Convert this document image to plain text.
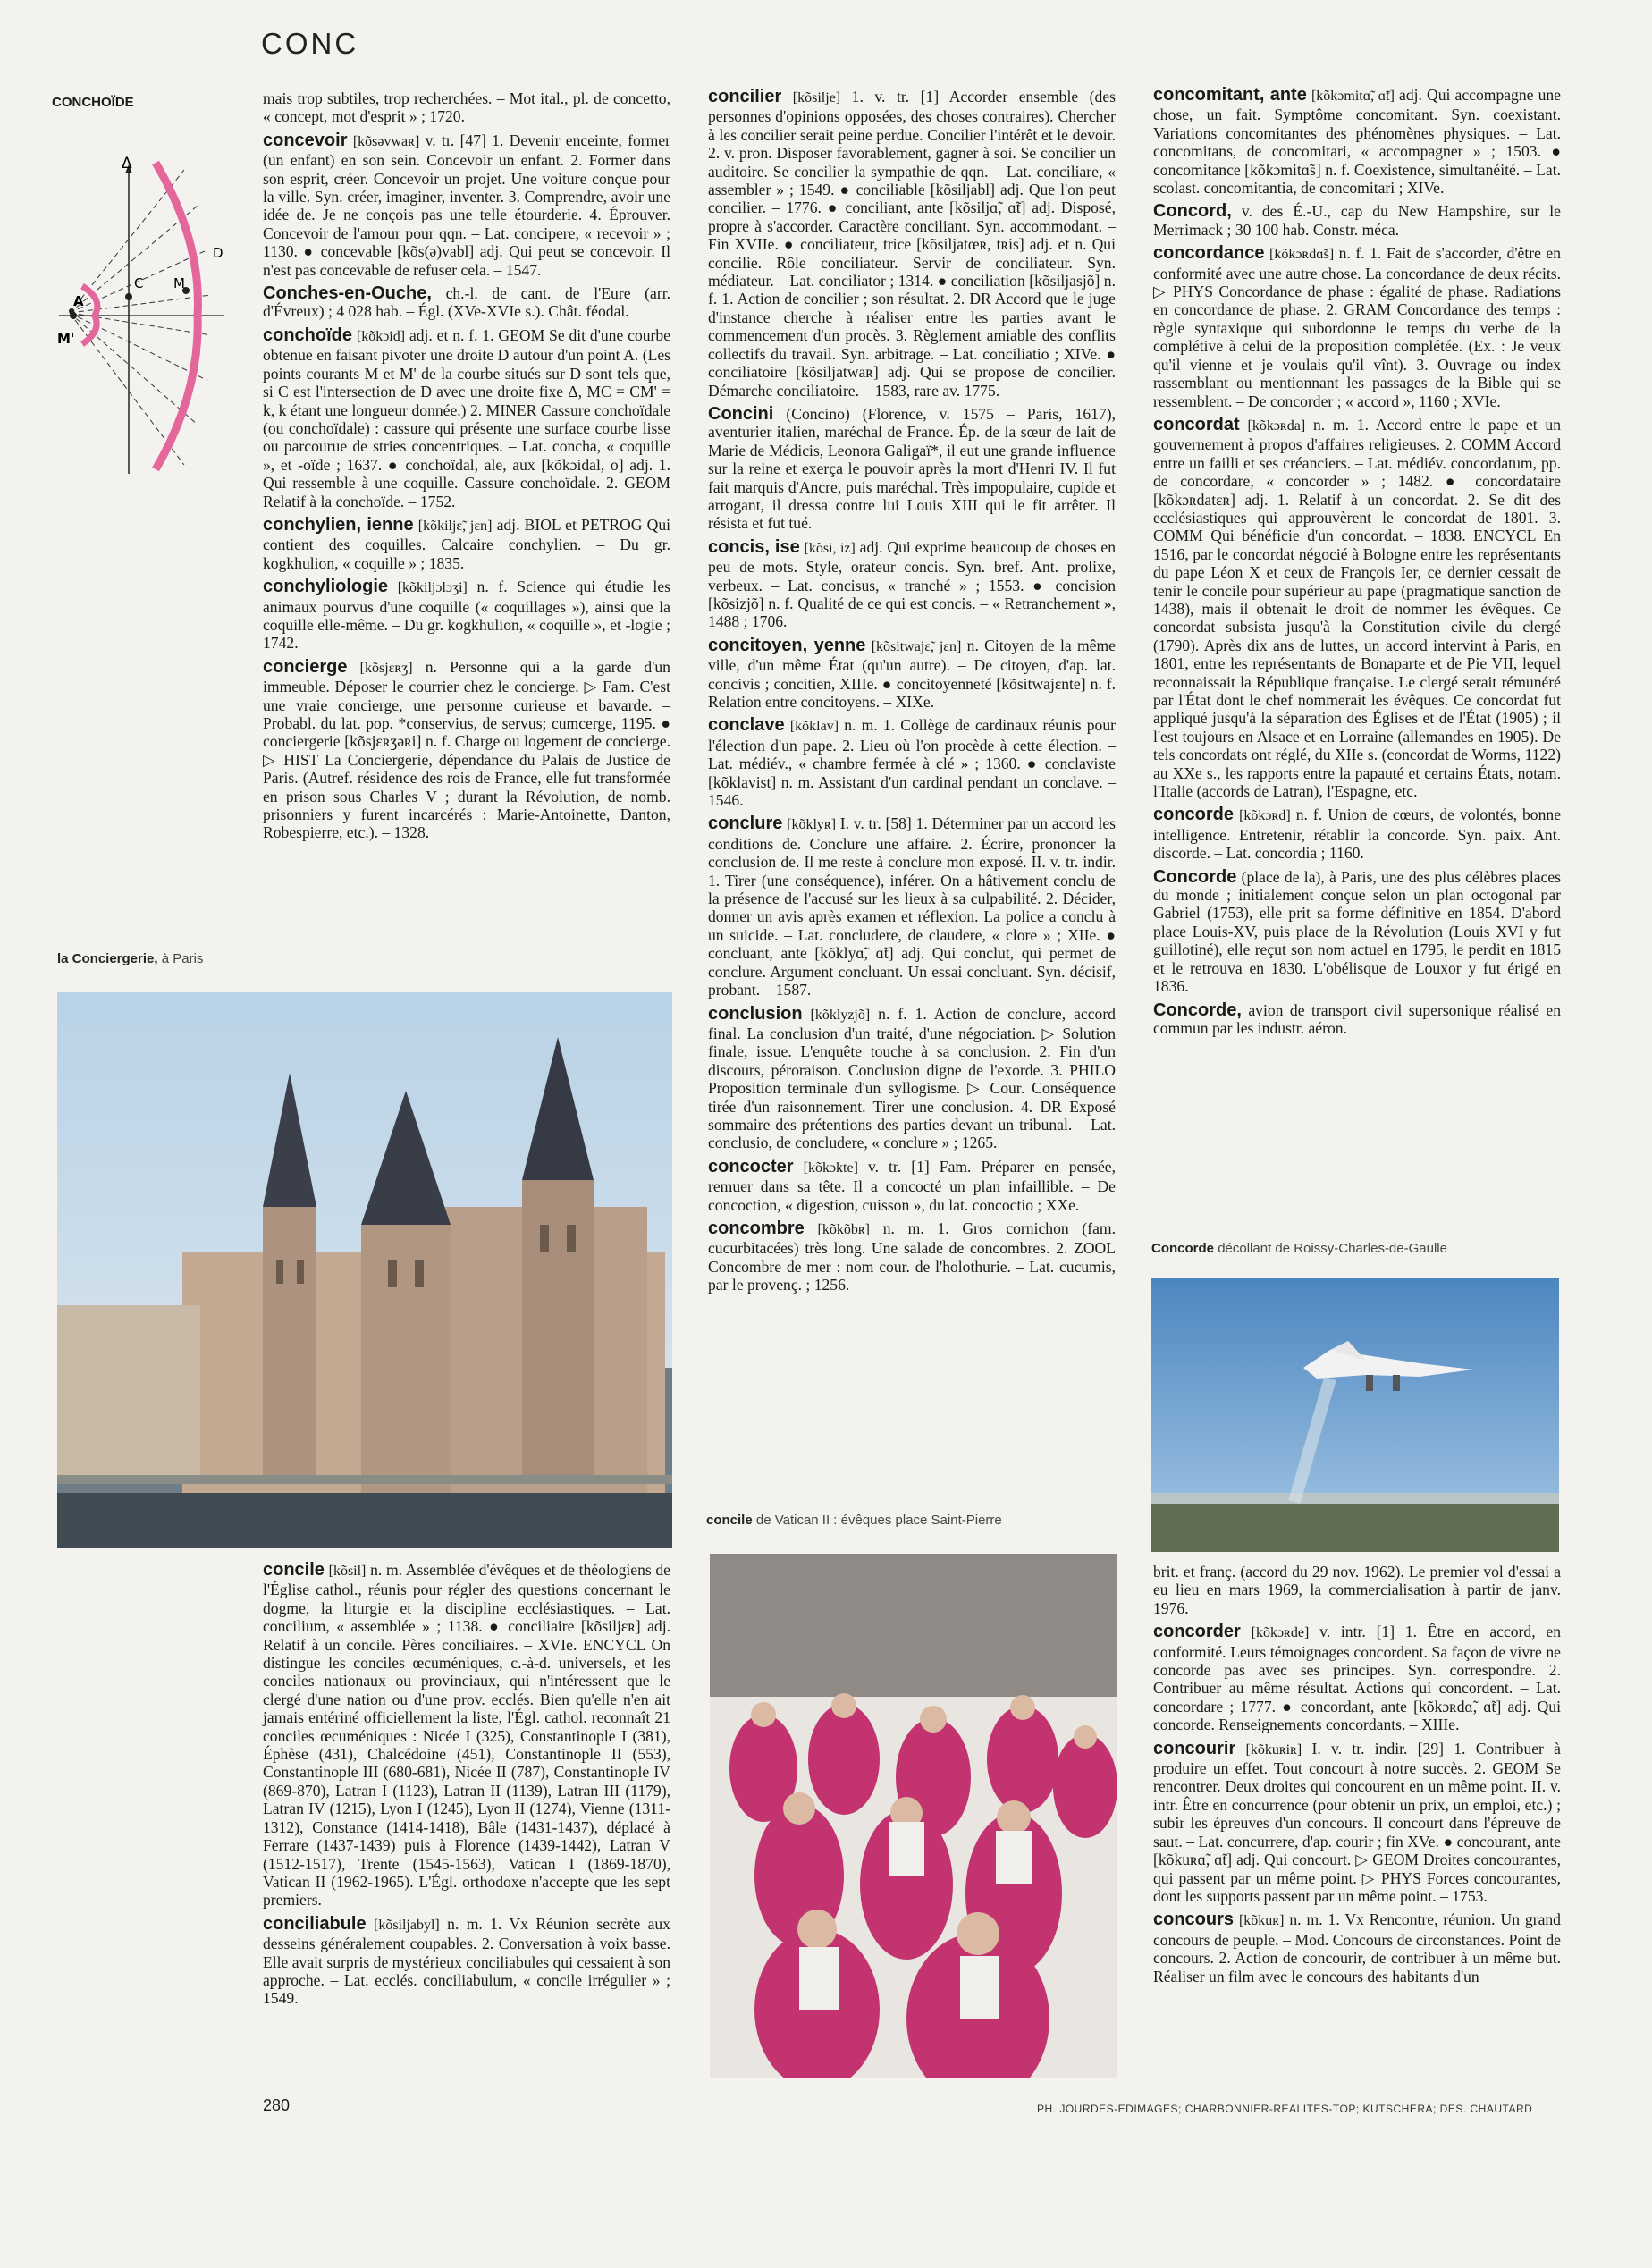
CONC
CONCHOÏDE
Δ
A
C M
D
M'
la Conciergerie, à Paris
concile de Vatican II : évêques place Saint-Pierre
Concorde décollant de Roissy-Charles-de-Gaulle

mais trop subtiles, trop recherchées. – Mot ital., pl. de concetto, « concept, mot d'esprit » ; 1720.

concevoir [kõsəvwaʀ] v. tr. [47] 1. Devenir enceinte, former (un enfant) en son sein. Concevoir un enfant. 2. Former dans son esprit, créer. Concevoir un projet. Une voiture conçue pour la ville. Syn. créer, imaginer, inventer. 3. Comprendre, avoir une idée de. Je ne conçois pas une telle étourderie. 4. Éprouver. Concevoir de l'amour pour qqn. – Lat. concipere, « recevoir » ; 1130. ● concevable [kõs(ə)vabl] adj. Qui peut se concevoir. Il n'est pas concevable de refuser cela. – 1547.

Conches-en-Ouche, ch.-l. de cant. de l'Eure (arr. d'Évreux) ; 4 028 hab. – Égl. (XVe-XVIe s.). Chât. féodal.

conchoïde [kõkɔid] adj. et n. f. 1. GEOM Se dit d'une courbe obtenue en faisant pivoter une droite D autour d'un point A. (Les points courants M et M' de la courbe situés sur D sont tels que, si C est l'intersection de D avec une droite fixe Δ, MC = CM' = k, k étant une longueur donnée.) 2. MINER Cassure conchoïdale (ou conchoïdale) : cassure qui présente une surface courbe lisse ou parcourue de stries concentriques. – Lat. concha, « coquille », et -oïde ; 1637. ● conchoïdal, ale, aux [kõkɔidal, o] adj. 1. Qui ressemble à une coquille. Cassure conchoïdale. 2. GEOM Relatif à la conchoïde. – 1752.

conchylien, ienne [kõkiljɛ̃, jɛn] adj. BIOL et PETROG Qui contient des coquilles. Calcaire conchylien. – Du gr. kogkhulion, « coquille » ; 1835.

conchyliologie [kõkiljɔlɔʒi] n. f. Science qui étudie les animaux pourvus d'une coquille (« coquillages »), ainsi que la coquille elle-même. – Du gr. kogkhulion, « coquille », et -logie ; 1742.

concierge [kõsjɛʀʒ] n. Personne qui a la garde d'un immeuble. Déposer le courrier chez le concierge. ▷ Fam. C'est une vraie concierge, une personne curieuse et bavarde. – Probabl. du lat. pop. *conservius, de servus; cumcerge, 1195. ● conciergerie [kõsjɛʀʒəʀi] n. f. Charge ou logement de concierge. ▷ HIST La Conciergerie, dépendance du Palais de Justice de Paris. (Autref. résidence des rois de France, elle fut transformée en prison sous Charles V ; durant la Révolution, de nomb. prisonniers y furent incarcérés : Marie-Antoinette, Danton, Robespierre, etc.). – 1328.

concile [kõsil] n. m. Assemblée d'évêques et de théologiens de l'Église cathol., réunis pour régler des questions concernant le dogme, la liturgie et la discipline ecclésiastiques. – Lat. concilium, « assemblée » ; 1138. ● conciliaire [kõsiljɛʀ] adj. Relatif à un concile. Pères conciliaires. – XVIe. ENCYCL On distingue les conciles œcuméniques, c.-à-d. universels, et les conciles nationaux ou provinciaux, qui n'intéressent que le clergé d'une nation ou d'une prov. ecclés. Bien qu'elle n'en ait jamais entériné officiellement la liste, l'Égl. cathol. reconnaît 21 conciles œcuméniques : Nicée I (325), Constantinople I (381), Éphèse (431), Chalcédoine (451), Constantinople II (553), Constantinople III (680-681), Nicée II (787), Constantinople IV (869-870), Latran I (1123), Latran II (1139), Latran III (1179), Latran IV (1215), Lyon I (1245), Lyon II (1274), Vienne (1311-1312), Constance (1414-1418), Bâle (1431-1437), déplacé à Ferrare (1437-1439) puis à Florence (1439-1442), Latran V (1512-1517), Trente (1545-1563), Vatican I (1869-1870), Vatican II (1962-1965). L'Égl. orthodoxe n'accepte que les sept premiers.

conciliabule [kõsiljabyl] n. m. 1. Vx Réunion secrète aux desseins généralement coupables. 2. Conversation à voix basse. Elle avait surpris de mystérieux conciliabules qui cessaient à son approche. – Lat. ecclés. conciliabulum, « concile irrégulier » ; 1549.

concilier [kõsilje] 1. v. tr. [1] Accorder ensemble (des personnes d'opinions opposées, des choses contraires). Chercher à les concilier serait peine perdue. Concilier l'intérêt et le devoir. 2. v. pron. Disposer favorablement, gagner à soi. Se concilier un auditoire. Se concilier la sympathie de qqn. – Lat. conciliare, « assembler » ; 1549. ● conciliable [kõsiljabl] adj. Que l'on peut concilier. – 1776. ● conciliant, ante [kõsiljɑ̃, ɑ̃t] adj. Disposé, propre à s'accorder. Caractère conciliant. Syn. accommodant. – Fin XVIIe. ● conciliateur, trice [kõsiljatœʀ, tʀis] adj. et n. Qui concilie. Rôle conciliateur. Servir de conciliateur. Syn. médiateur. – Lat. conciliator ; 1314. ● conciliation [kõsiljasjõ] n. f. 1. Action de concilier ; son résultat. 2. DR Accord que le juge d'instance cherche à réaliser entre les parties avant le commencement d'un procès. 3. Règlement amiable des conflits collectifs du travail. Syn. arbitrage. – Lat. conciliatio ; XIVe. ● conciliatoire [kõsiljatwaʀ] adj. Qui se propose de concilier. Démarche conciliatoire. – 1583, rare av. 1775.

Concini (Concino) (Florence, v. 1575 – Paris, 1617), aventurier italien, maréchal de France. Ép. de la sœur de lait de Marie de Médicis, Leonora Galigaï*, il eut une grande influence sur la reine et exerça le pouvoir après la mort d'Henri IV. Il fut fait marquis d'Ancre, puis maréchal. Très impopulaire, cupide et arrogant, il dressa contre lui Louis XIII qui le fit arrêter. Il résista et fut tué.

concis, ise [kõsi, iz] adj. Qui exprime beaucoup de choses en peu de mots. Style, orateur concis. Syn. bref. Ant. prolixe, verbeux. – Lat. concisus, « tranché » ; 1553. ● concision [kõsizjõ] n. f. Qualité de ce qui est concis. – « Retranchement », 1488 ; 1706.

concitoyen, yenne [kõsitwajɛ̃, jɛn] n. Citoyen de la même ville, d'un même État (qu'un autre). – De citoyen, d'ap. lat. concivis ; concitien, XIIIe. ● concitoyenneté [kõsitwajɛnte] n. f. Relation entre concitoyens. – XIXe.

conclave [kõklav] n. m. 1. Collège de cardinaux réunis pour l'élection d'un pape. 2. Lieu où l'on procède à cette élection. – Lat. médiév., « chambre fermée à clé » ; 1360. ● conclaviste [kõklavist] n. m. Assistant d'un cardinal pendant un conclave. – 1546.

conclure [kõklyʀ] I. v. tr. [58] 1. Déterminer par un accord les conditions de. Conclure une affaire. 2. Écrire, prononcer la conclusion de. Il me reste à conclure mon exposé. II. v. tr. indir. 1. Tirer (une conséquence), inférer. On a hâtivement conclu de la présence de l'accusé sur les lieux à sa culpabilité. 2. Décider, donner un avis après examen et réflexion. La police a conclu à un suicide. – Lat. concludere, de claudere, « clore » ; XIIe. ● concluant, ante [kõklyɑ̃, ɑ̃t] adj. Qui conclut, qui permet de conclure. Argument concluant. Un essai concluant. Syn. décisif, probant. – 1587.

conclusion [kõklyzjõ] n. f. 1. Action de conclure, accord final. La conclusion d'un traité, d'une négociation. ▷ Solution finale, issue. L'enquête touche à sa conclusion. 2. Fin d'un discours, péroraison. Conclusion digne de l'exorde. 3. PHILO Proposition terminale d'un syllogisme. ▷ Cour. Conséquence tirée d'un raisonnement. Tirer une conclusion. 4. DR Exposé sommaire des prétentions des parties devant un tribunal. – Lat. conclusio, de concludere, « conclure » ; 1265.

concocter [kõkɔkte] v. tr. [1] Fam. Préparer en pensée, remuer dans sa tête. Il a concocté un plan infaillible. – De concoction, « digestion, cuisson », du lat. concoctio ; XXe.

concombre [kõkõbʀ] n. m. 1. Gros cornichon (fam. cucurbitacées) très long. Une salade de concombres. 2. ZOOL Concombre de mer : nom cour. de l'holothurie. – Lat. cucumis, par le provenç. ; 1256.

concomitant, ante [kõkɔmitɑ̃, ɑ̃t] adj. Qui accompagne une chose, un fait. Symptôme concomitant. Syn. coexistant. Variations concomitantes des phénomènes physiques. – Lat. concomitans, de concomitari, « accompagner » ; 1503. ● concomitance [kõkɔmitɑ̃s] n. f. Coexistence, simultanéité. – Lat. scolast. concomitantia, de concomitari ; XIVe.

Concord, v. des É.-U., cap du New Hampshire, sur le Merrimack ; 30 100 hab. Constr. méca.

concordance [kõkɔʀdɑ̃s] n. f. 1. Fait de s'accorder, d'être en conformité avec une autre chose. La concordance de deux récits. ▷ PHYS Concordance de phase : égalité de phase. Radiations en concordance de phase. 2. GRAM Concordance des temps : règle syntaxique qui subordonne le temps du verbe de la complétive à celui de la proposition complétée. (Ex. : Je veux qu'il vienne et je voulais qu'il vînt). 3. Ouvrage ou index rassemblant ou mentionnant les passages de la Bible qui se ressemblent. – De concorder ; « accord », 1160 ; XVIe.

concordat [kõkɔʀda] n. m. 1. Accord entre le pape et un gouvernement à propos d'affaires religieuses. 2. COMM Accord entre un failli et ses créanciers. – Lat. médiév. concordatum, pp. de concordare, « concorder » ; 1482. ● concordataire [kõkɔʀdatɛʀ] adj. 1. Relatif à un concordat. 2. Se dit des ecclésiastiques qui approuvèrent le concordat de 1801. 3. COMM Qui bénéficie d'un concordat. – 1838. ENCYCL En 1516, par le concordat négocié à Bologne entre les représentants du pape Léon X et ceux de François Ier, ce dernier cessait de tenir le concile pour supérieur au pape (pragmatique sanction de 1438), mais il obtenait le droit de nommer les évêques. Ce concordat subsista jusqu'à la Constitution civile du clergé (1790). Après dix ans de luttes, un accord intervint à Paris, en 1801, entre les représentants de Bonaparte et de Pie VII, lequel reconnaissait la République française. Le clergé serait rémunéré par l'État dont le chef nommerait les évêques. Ce concordat fut appliqué jusqu'à la séparation des Églises et de l'État (1905) ; il l'est toujours en Alsace et en Lorraine (allemandes en 1905). De tels concordats ont réglé, du XIIe s. (concordat de Worms, 1122) au XXe s., les rapports entre la papauté et certains États, notam. l'Italie (accords de Latran), l'Espagne, etc.

concorde [kõkɔʀd] n. f. Union de cœurs, de volontés, bonne intelligence. Entretenir, rétablir la concorde. Syn. paix. Ant. discorde. – Lat. concordia ; 1160.

Concorde (place de la), à Paris, une des plus célèbres places du monde ; initialement conçue selon un plan octogonal par Gabriel (1753), elle prit sa forme définitive en 1854. D'abord place Louis-XV, puis place de la Révolution (Louis XVI y fut guillotiné), elle reçut son nom actuel en 1795, le perdit en 1815 et le retrouva en 1830. L'obélisque de Louxor y fut érigé en 1836.

Concorde, avion de transport civil supersonique réalisé en commun par les industr. aéron.

brit. et franç. (accord du 29 nov. 1962). Le premier vol d'essai a eu lieu en mars 1969, la commercialisation à partir de janv. 1976.

concorder [kõkɔʀde] v. intr. [1] 1. Être en accord, en conformité. Leurs témoignages concordent. Sa façon de vivre ne concorde pas avec ses principes. Syn. correspondre. 2. Contribuer au même résultat. Actions qui concordent. – Lat. concordare ; 1777. ● concordant, ante [kõkɔʀdɑ̃, ɑ̃t] adj. Qui concorde. Renseignements concordants. – XIIIe.

concourir [kõkuʀiʀ] I. v. tr. indir. [29] 1. Contribuer à produire un effet. Tout concourt à notre succès. 2. GEOM Se rencontrer. Deux droites qui concourent en un même point. II. v. intr. Être en concurrence (pour obtenir un prix, un emploi, etc.) ; subir les épreuves d'un concours. Il concourt dans l'épreuve de saut. – Lat. concurrere, d'ap. courir ; fin XVe. ● concourant, ante [kõkuʀɑ̃, ɑ̃t] adj. Qui concourt. ▷ GEOM Droites concourantes, qui passent par un même point. ▷ PHYS Forces concourantes, dont les supports passent par un même point. – 1753.

concours [kõkuʀ] n. m. 1. Vx Rencontre, réunion. Un grand concours de peuple. – Mod. Concours de circonstances. Point de concours. 2. Action de concourir, de contribuer à un même but. Réaliser un film avec le concours des habitants d'un

280	PH. JOURDES-EDIMAGES; CHARBONNIER-REALITES-TOP; KUTSCHERA; DES. CHAUTARD
